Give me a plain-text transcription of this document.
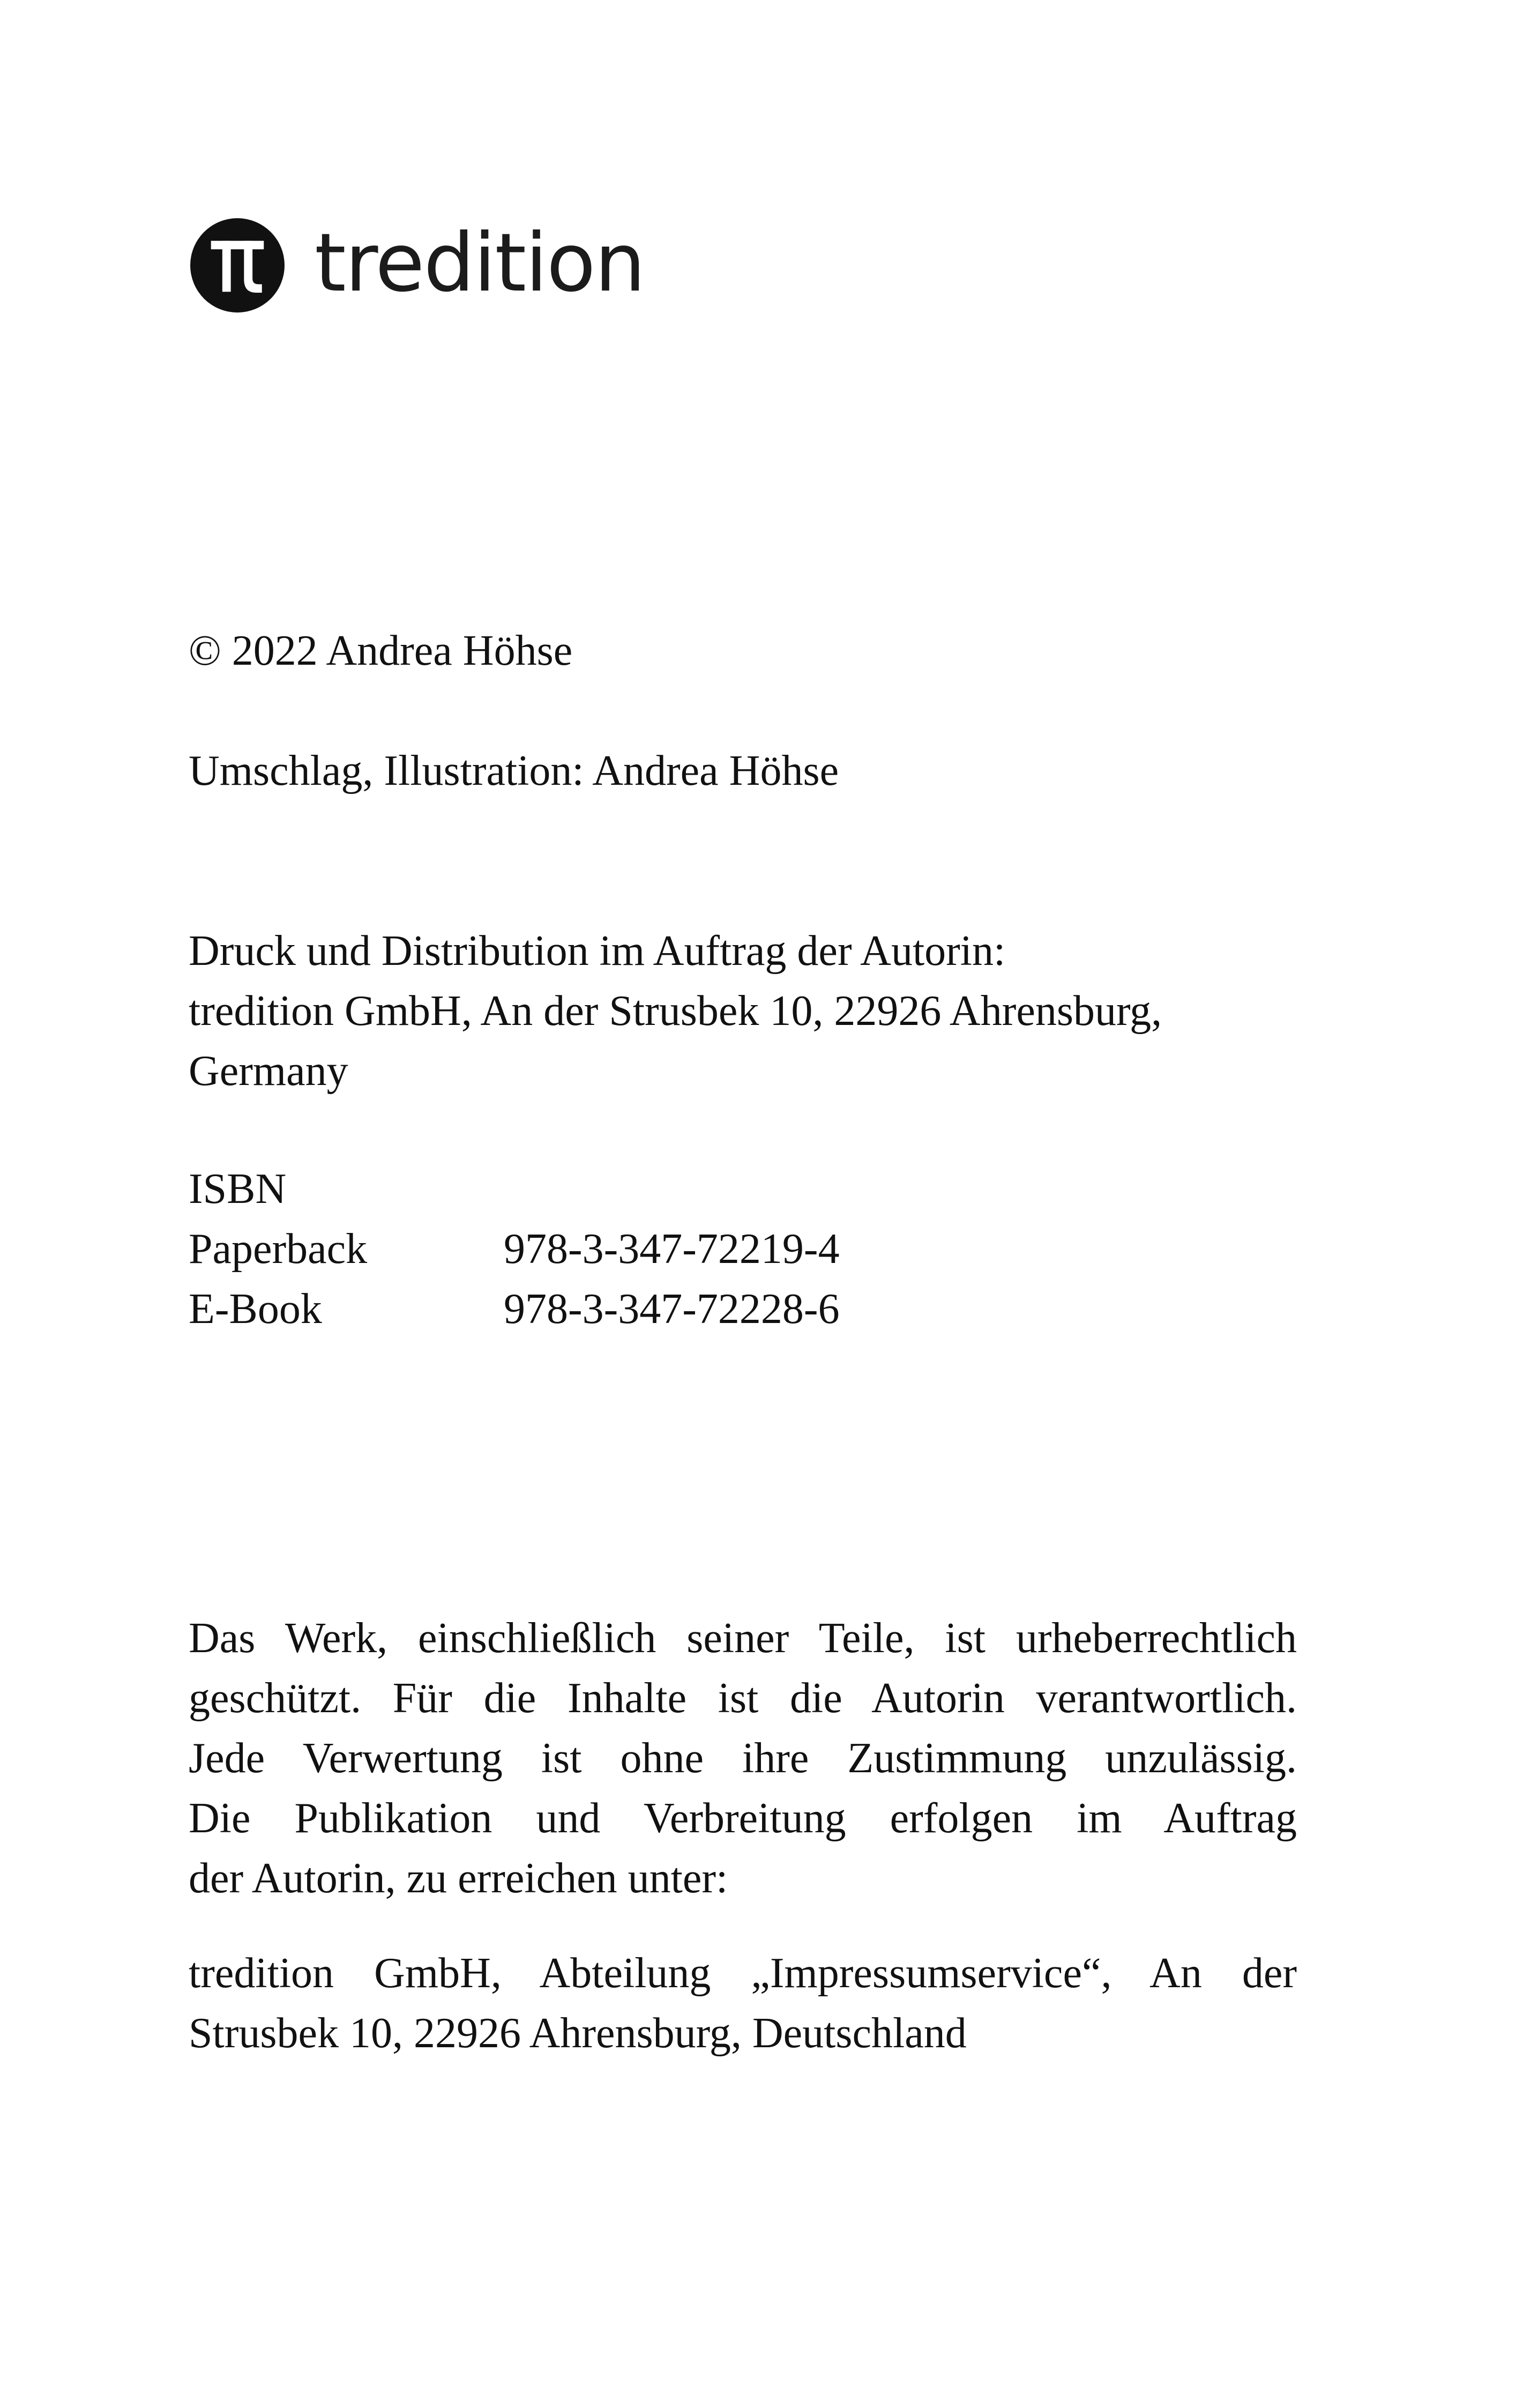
tredition

© 2022 Andrea Höhse

Umschlag, Illustration: Andrea Höhse

Druck und Distribution im Auftrag der Autorin:
tredition GmbH, An der Strusbek 10, 22926 Ahrensburg,
Germany

ISBN

Paperback	978-3-347-72219-4
E-Book	978-3-347-72228-6
Das Werk, einschließlich seiner Teile, ist urheberrechtlich
geschützt. Für die Inhalte ist die Autorin verantwortlich.
Jede Verwertung ist ohne ihre Zustimmung unzulässig.
Die Publikation und Verbreitung erfolgen im Auftrag
der Autorin, zu erreichen unter:
tredition GmbH, Abteilung „Impressumservice“, An der
Strusbek 10, 22926 Ahrensburg, Deutschland
